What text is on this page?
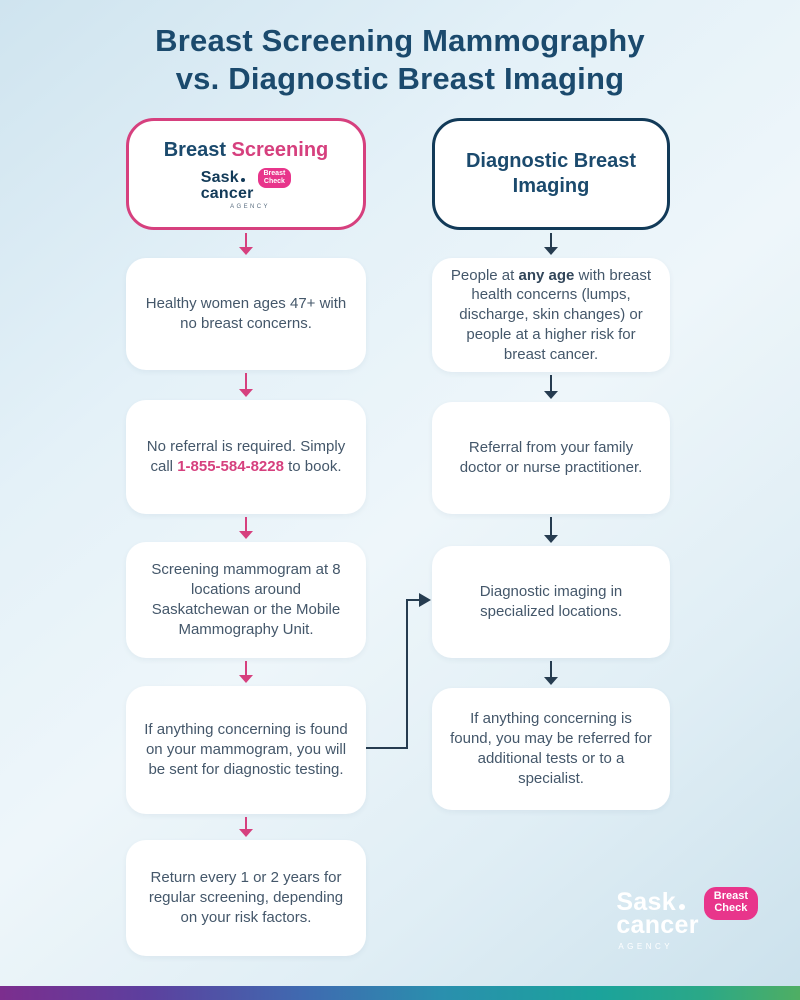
Breast Screening Mammography
vs. Diagnostic Breast Imaging
Breast Screening
Sask
cancer
Breast
Check
AGENCY

Healthy women ages 47+ with no breast concerns.

No referral is required. Simply call 1-855-584-8228 to book.

Screening mammogram at 8 locations around Saskatchewan or the Mobile Mammography Unit.

If anything concerning is found on your mammogram, you will be sent for diagnostic testing.

Return every 1 or 2 years for regular screening, depending on your risk factors.

Diagnostic Breast Imaging

People at any age with breast health concerns (lumps, discharge, skin changes) or people at a higher risk for breast cancer.

Referral from your family doctor or nurse practitioner.

Diagnostic imaging in specialized locations.

If anything concerning is found, you may be referred for additional tests or to a specialist.

Sask
cancer
Breast
Check
AGENCY
